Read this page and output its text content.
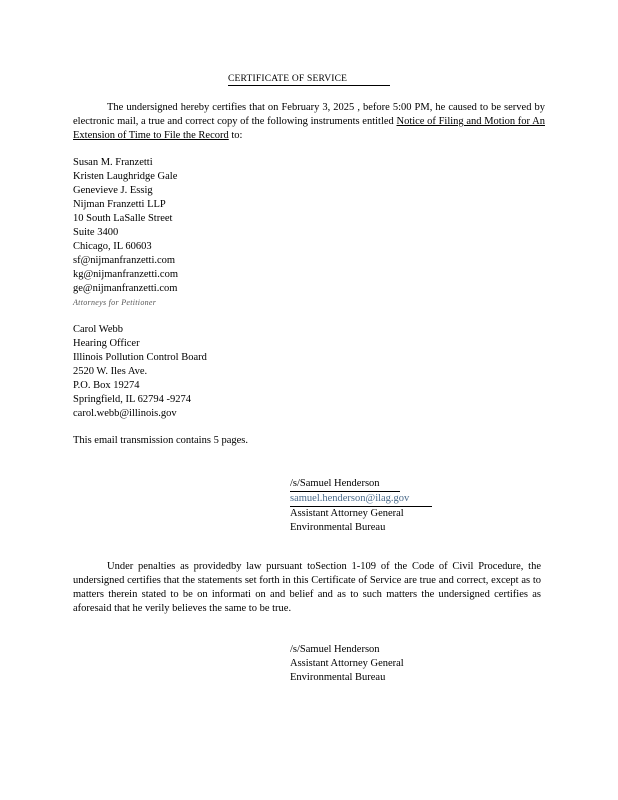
CERTIFICATE OF SERVICE
The undersigned hereby certifies that on February 3, 2025 , before 5:00 PM, he caused to be served by electronic mail, a true and correct copy of the following instruments entitled Notice of Filing and Motion for An Extension of Time to File the Record to:
Susan M. Franzetti
Kristen Laughridge Gale
Genevieve J. Essig
Nijman Franzetti LLP
10 South LaSalle Street
Suite 3400
Chicago, IL 60603
sf@nijmanfranzetti.com
kg@nijmanfranzetti.com
ge@nijmanfranzetti.com
Attorneys for Petitioner
Carol Webb
Hearing Officer
Illinois Pollution Control Board
2520 W. Iles Ave.
P.O. Box 19274
Springfield, IL 62794 -9274
carol.webb@illinois.gov
This email transmission contains 5 pages.
/s/Samuel Henderson
samuel.henderson@ilag.gov
Assistant Attorney General
Environmental Bureau
Under penalties as providedby law pursuant toSection 1-109 of the Code of Civil Procedure, the undersigned certifies that the statements set forth in this Certificate of Service are true and correct, except as to matters therein stated to be on informati on and belief and as to such matters the undersigned certifies as aforesaid that he verily believes the same to be true.
/s/Samuel Henderson
Assistant Attorney General
Environmental Bureau
